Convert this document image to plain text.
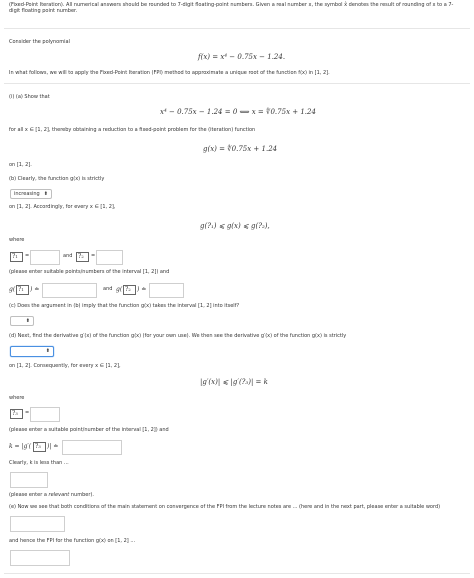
(Fixed-Point Iteration). All numerical answers should be rounded to 7-digit floating-point numbers. Given a real number x, the symbol x̂ denotes the result of rounding of x to a 7-digit floating point number.
Consider the polynomial
f(x) = x⁴ − 0.75x − 1.24.
In what follows, we will to apply the Fixed-Point Iteration (FPI) method to approximate a unique root of the function f(x) in [1, 2].
(i) (a) Show that
x⁴ − 0.75x − 1.24 = 0 ⟺ x = ∜0.75x + 1.24
for all x ∈ [1, 2], thereby obtaining a reduction to a fixed-point problem for the (iteration) function
g(x) = ∜0.75x + 1.24
on [1, 2].
(b) Clearly, the function g(x) is strictly
increasing ⬍
on [1, 2]. Accordingly, for every x ∈ [1, 2],
g(?₁) ⩽ g(x) ⩽ g(?₂),
where
?1	=	and ?2	=
(please enter suitable points/numbers of the interval [1, 2]) and
g( ?1	) ≐	and g( ?2	) ≐
(c) Does the argument in (b) imply that the function g(x) takes the interval [1, 2] into itself?
⬍
(d) Next, find the derivative g′(x) of the function g(x) (for your own use). We then see the derivative g′(x) of the function g(x) is strictly
⬍
on [1, 2]. Consequently, for every x ∈ [1, 2],
|g′(x)| ⩽ |g′(?₃)| = k
where
?3	=
(please enter a suitable point/number of the interval [1, 2]) and
k = |g′( ?3	)| ≐
Clearly, k is less than ...
(please enter a relevant number).
(e) Now we see that both conditions of the main statement on convergence of the FPI from the lecture notes are ... (here and in the next part, please enter a suitable word)
and hence the FPI for the function g(x) on [1, 2] ...
